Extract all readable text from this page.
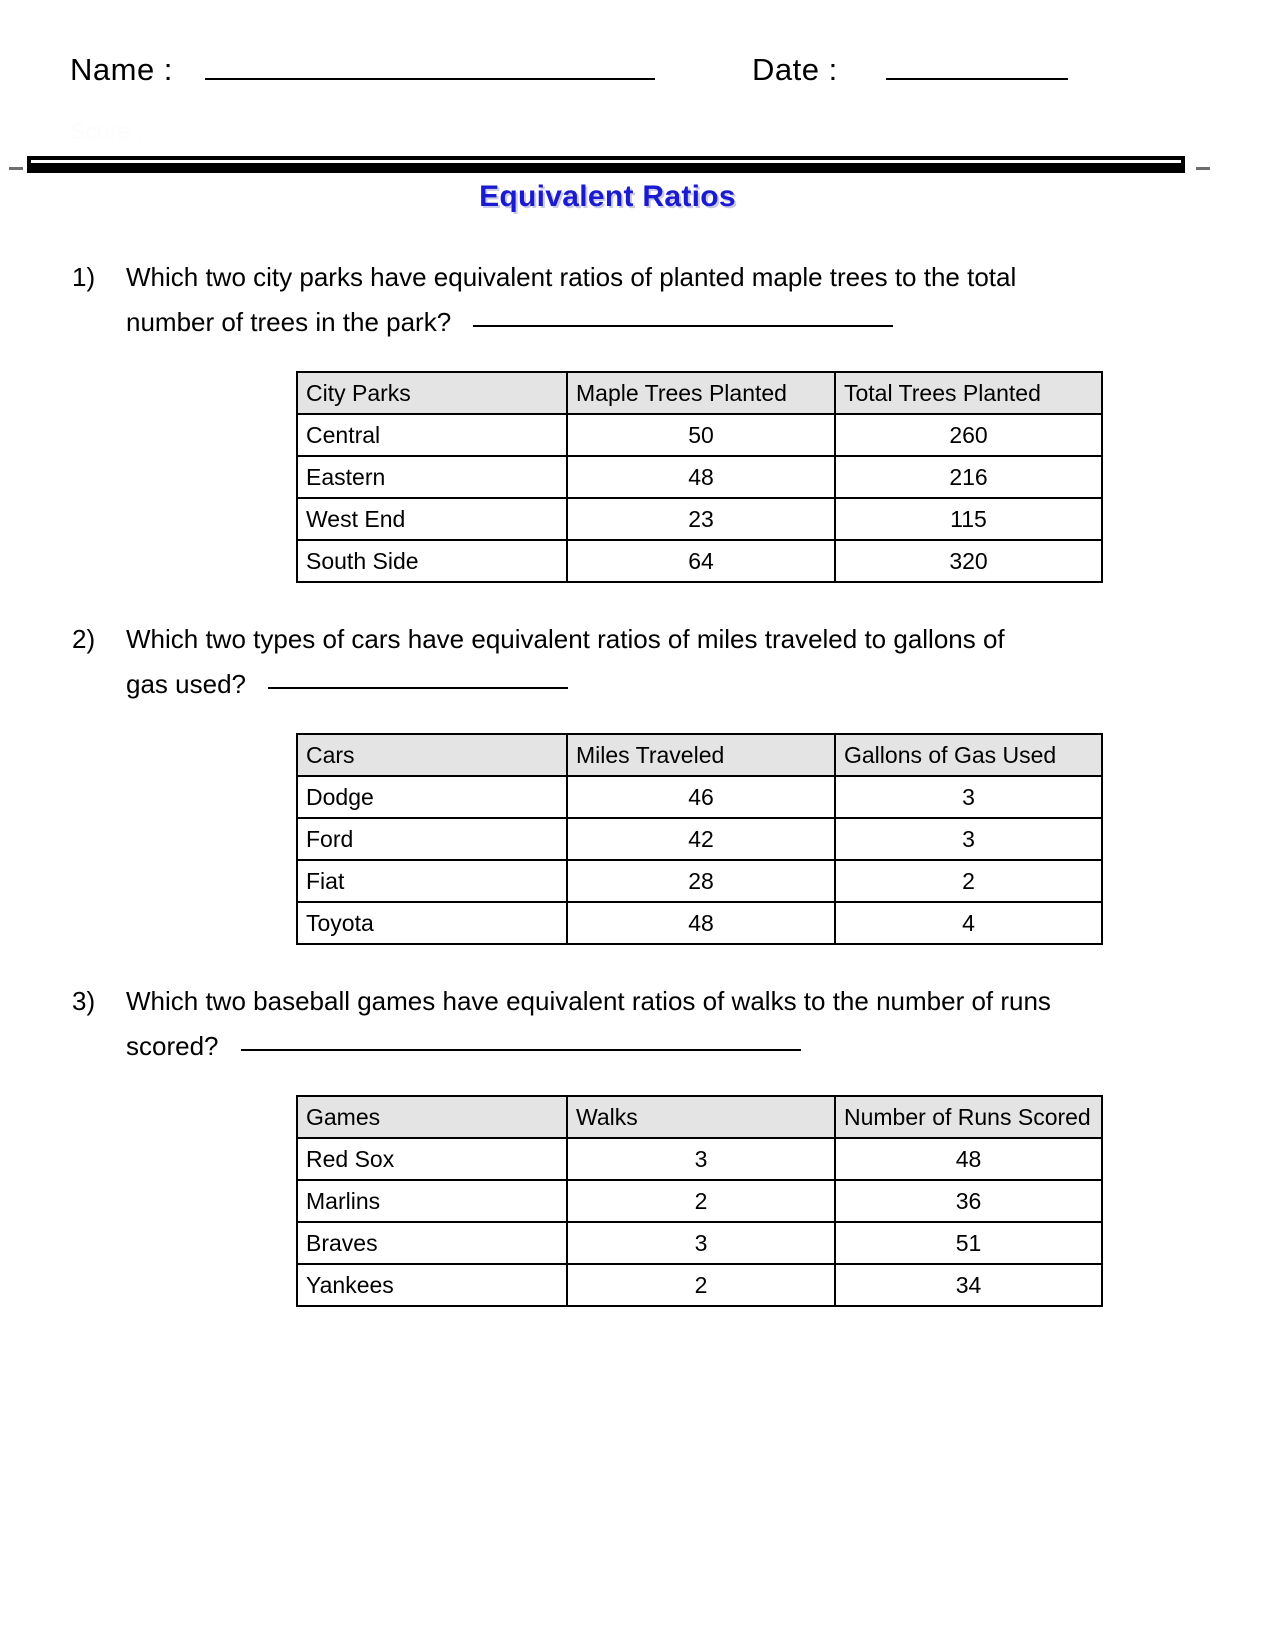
Name :	Date :
Score :
Equivalent Ratios
1)	Which two city parks have equivalent ratios of planted maple trees to the total
number of trees in the park?
City Parks	Maple Trees Planted	Total Trees Planted
Central	50	260
Eastern	48	216
West End	23	115
South Side	64	320
2)	Which two types of cars have equivalent ratios of miles traveled to gallons of
gas used?
Cars	Miles Traveled	Gallons of Gas Used
Dodge	46	3
Ford	42	3
Fiat	28	2
Toyota	48	4
3)	Which two baseball games have equivalent ratios of walks to the number of runs
scored?
Games	Walks	Number of Runs Scored
Red Sox	3	48
Marlins	2	36
Braves	3	51
Yankees	2	34
